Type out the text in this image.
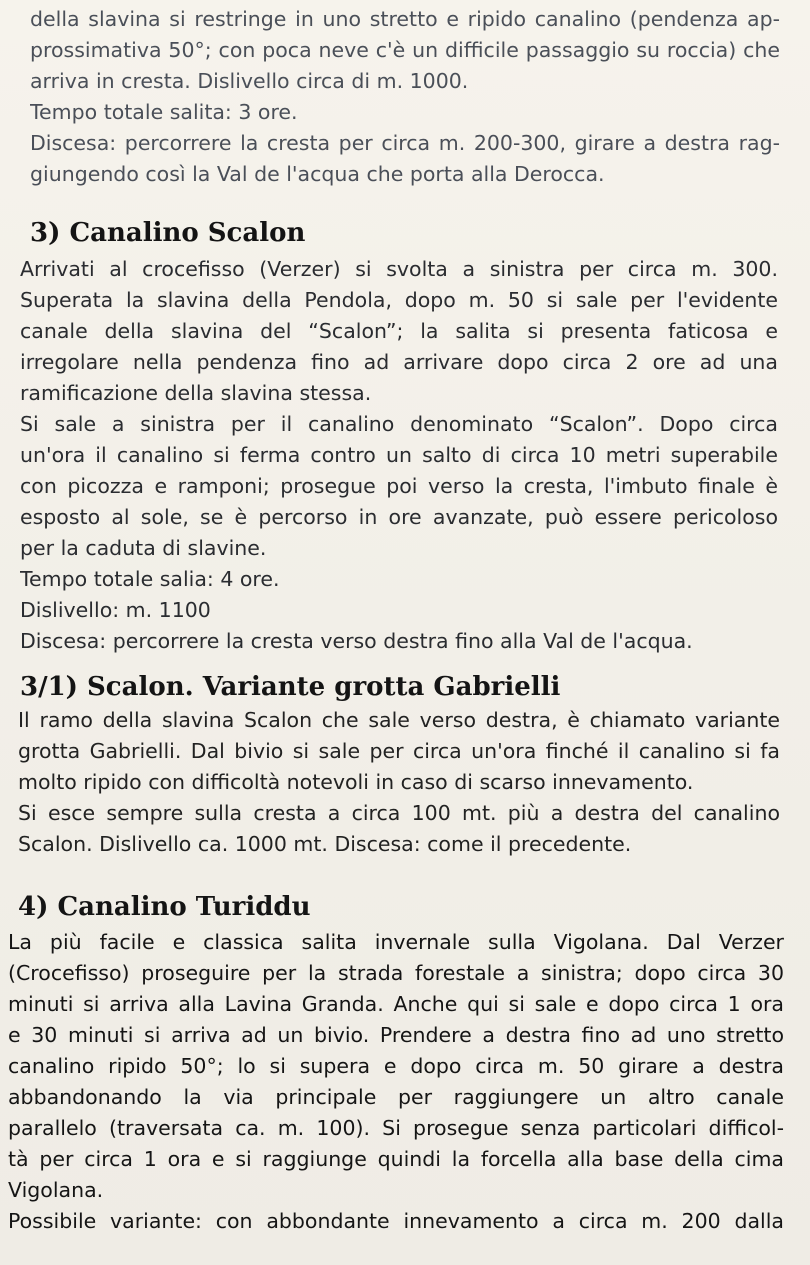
della slavina si restringe in uno stretto e ripido canalino (pendenza ap-
prossimativa 50°; con poca neve c'è un difficile passaggio su roccia) che
arriva in cresta. Dislivello circa di m. 1000.
Tempo totale salita: 3 ore.
Discesa: percorrere la cresta per circa m. 200-300, girare a destra rag-
giungendo così la Val de l'acqua che porta alla Derocca.
3) Canalino Scalon
Arrivati al crocefisso (Verzer) si svolta a sinistra per circa m. 300.
Superata la slavina della Pendola, dopo m. 50 si sale per l'evidente
canale della slavina del “Scalon”; la salita si presenta faticosa e
irregolare nella pendenza fino ad arrivare dopo circa 2 ore ad una
ramificazione della slavina stessa.
Si sale a sinistra per il canalino denominato “Scalon”. Dopo circa
un'ora il canalino si ferma contro un salto di circa 10 metri superabile
con picozza e ramponi; prosegue poi verso la cresta, l'imbuto finale è
esposto al sole, se è percorso in ore avanzate, può essere pericoloso
per la caduta di slavine.
Tempo totale salia: 4 ore.
Dislivello: m. 1100
Discesa: percorrere la cresta verso destra fino alla Val de l'acqua.
3/1) Scalon. Variante grotta Gabrielli
Il ramo della slavina Scalon che sale verso destra, è chiamato variante
grotta Gabrielli. Dal bivio si sale per circa un'ora finché il canalino si fa
molto ripido con difficoltà notevoli in caso di scarso innevamento.
Si esce sempre sulla cresta a circa 100 mt. più a destra del canalino
Scalon. Dislivello ca. 1000 mt. Discesa: come il precedente.
4) Canalino Turiddu
La più facile e classica salita invernale sulla Vigolana. Dal Verzer
(Crocefisso) proseguire per la strada forestale a sinistra; dopo circa 30
minuti si arriva alla Lavina Granda. Anche qui si sale e dopo circa 1 ora
e 30 minuti si arriva ad un bivio. Prendere a destra fino ad uno stretto
canalino ripido 50°; lo si supera e dopo circa m. 50 girare a destra
abbandonando la via principale per raggiungere un altro canale
parallelo (traversata ca. m. 100). Si prosegue senza particolari difficol-
tà per circa 1 ora e si raggiunge quindi la forcella alla base della cima
Vigolana.
Possibile variante: con abbondante innevamento a circa m. 200 dalla
